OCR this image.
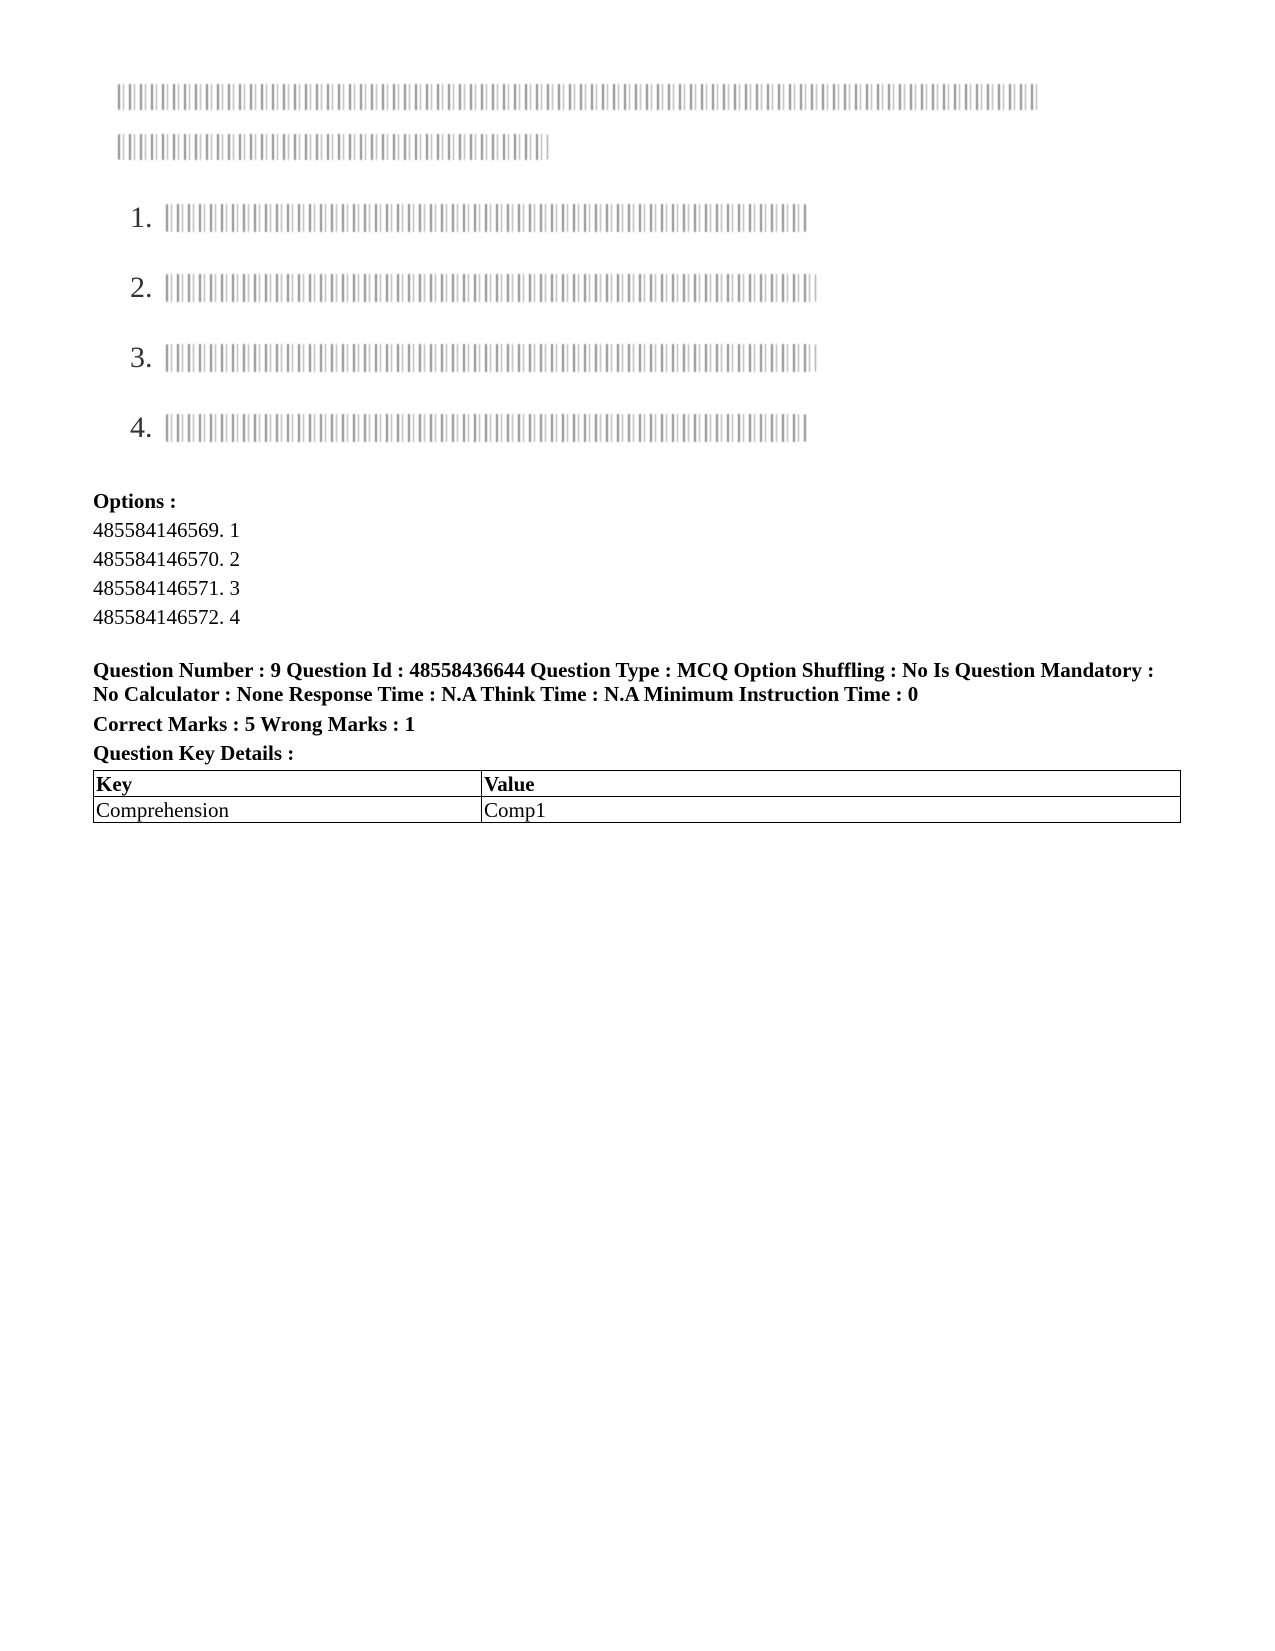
1.
2.
3.
4.
Options :
485584146569. 1
485584146570. 2
485584146571. 3
485584146572. 4
Question Number : 9 Question Id : 48558436644 Question Type : MCQ Option Shuffling : No Is Question Mandatory : No Calculator : None Response Time : N.A Think Time : N.A Minimum Instruction Time : 0
Correct Marks : 5 Wrong Marks : 1
Question Key Details :
Key	Value
Comprehension	Comp1
